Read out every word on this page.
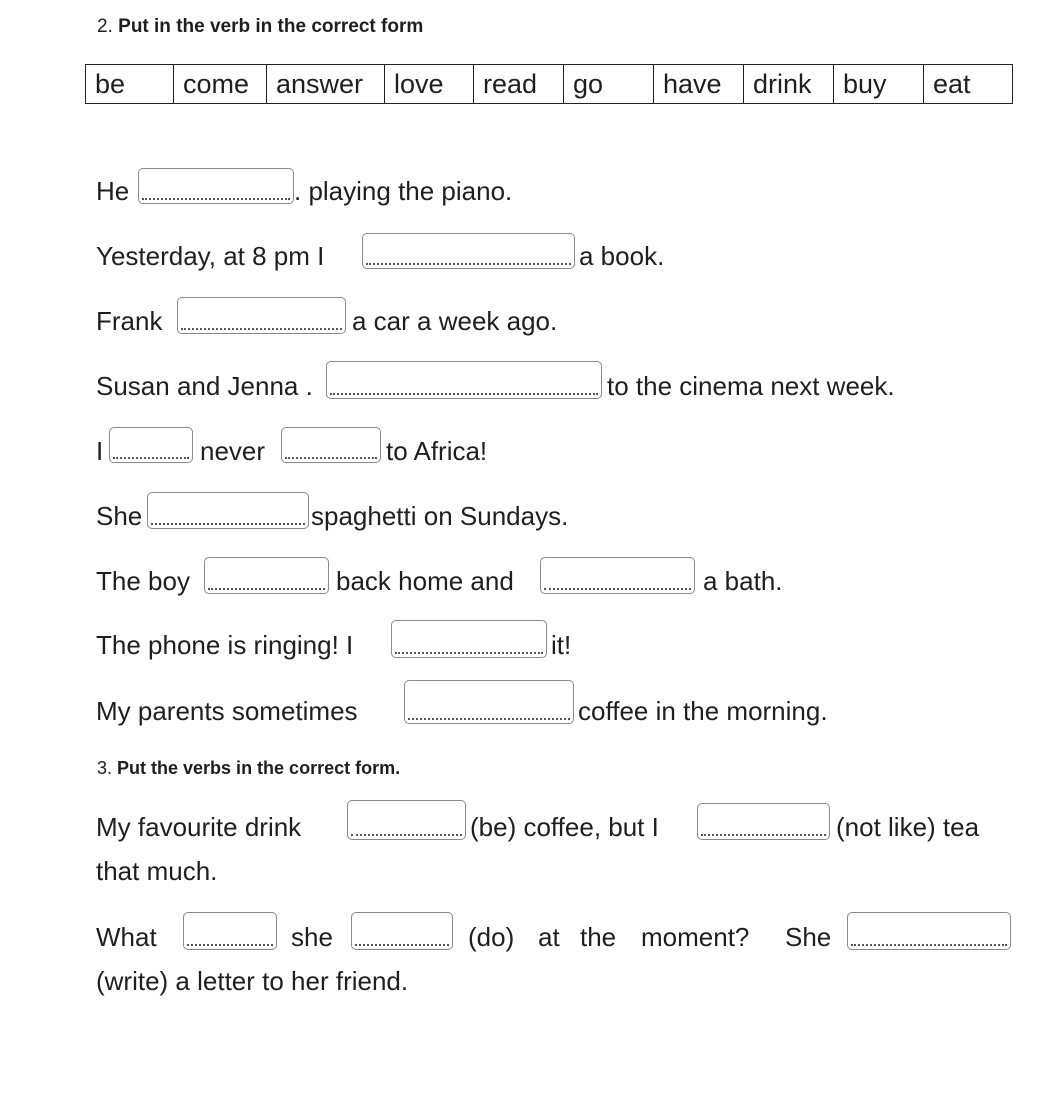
2. Put in the verb in the correct form
be	come	answer	love	read	go	have	drink	buy	eat
He	. playing the piano.
Yesterday, at 8 pm I	a book.
Frank	a car a week ago.
Susan and Jenna .	to the cinema next week.
I	never	to Africa!
She	spaghetti on Sundays.
The boy	back home and	a bath.
The phone is ringing! I	it!
My parents sometimes	coffee in the morning.
3. Put the verbs in the correct form.
My favourite drink	(be) coffee, but I	(not like) tea
that much.
What	she	(do) at the moment? She
(write) a letter to her friend.
